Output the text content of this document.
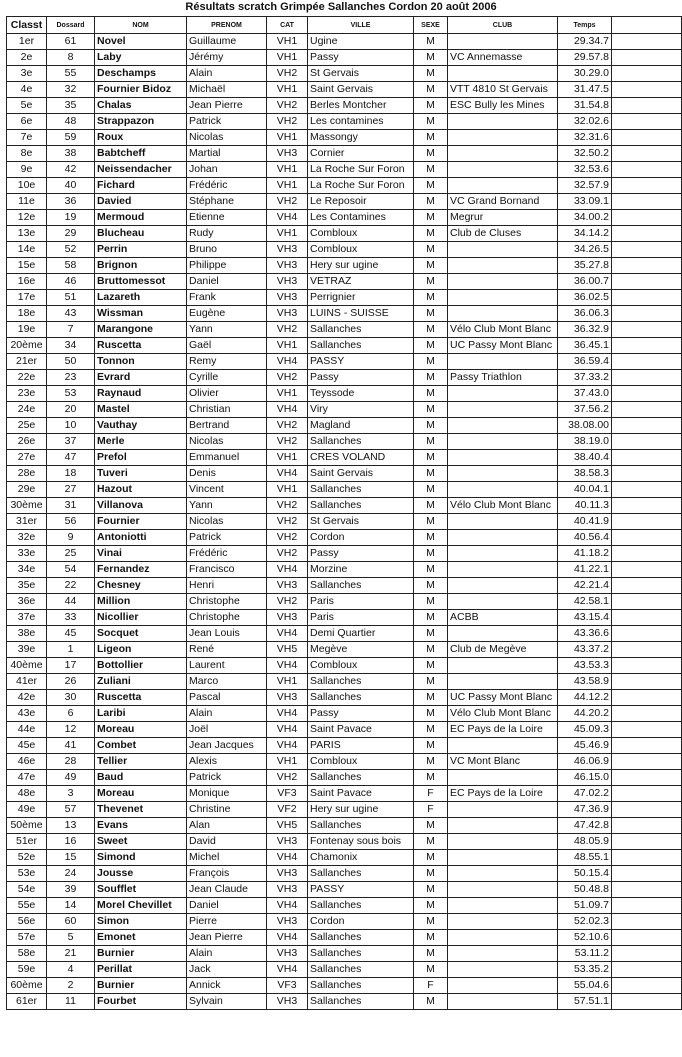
Résultats scratch Grimpée Sallanches Cordon 20 août 2006
Classt	Dossard	NOM	PRENOM	CAT	VILLE	SEXE	CLUB	Temps	
1er	61	Novel	Guillaume	VH1	Ugine	M		29.34.7	
2e	8	Laby	Jérémy	VH1	Passy	M	VC Annemasse	29.57.8	
3e	55	Deschamps	Alain	VH2	St Gervais	M		30.29.0	
4e	32	Fournier Bidoz	Michaël	VH1	Saint Gervais	M	VTT 4810 St Gervais	31.47.5	
5e	35	Chalas	Jean Pierre	VH2	Berles Montcher	M	ESC Bully les Mines	31.54.8	
6e	48	Strappazon	Patrick	VH2	Les contamines	M		32.02.6	
7e	59	Roux	Nicolas	VH1	Massongy	M		32.31.6	
8e	38	Babtcheff	Martial	VH3	Cornier	M		32.50.2	
9e	42	Neissendacher	Johan	VH1	La Roche Sur Foron	M		32.53.6	
10e	40	Fichard	Frédéric	VH1	La Roche Sur Foron	M		32.57.9	
11e	36	Davied	Stéphane	VH2	Le Reposoir	M	VC Grand Bornand	33.09.1	
12e	19	Mermoud	Etienne	VH4	Les Contamines	M	Megrur	34.00.2	
13e	29	Blucheau	Rudy	VH1	Combloux	M	Club de Cluses	34.14.2	
14e	52	Perrin	Bruno	VH3	Combloux	M		34.26.5	
15e	58	Brignon	Philippe	VH3	Hery sur ugine	M		35.27.8	
16e	46	Bruttomessot	Daniel	VH3	VETRAZ	M		36.00.7	
17e	51	Lazareth	Frank	VH3	Perrignier	M		36.02.5	
18e	43	Wissman	Eugène	VH3	LUINS - SUISSE	M		36.06.3	
19e	7	Marangone	Yann	VH2	Sallanches	M	Vélo Club Mont Blanc	36.32.9	
20ème	34	Ruscetta	Gaël	VH1	Sallanches	M	UC Passy Mont Blanc	36.45.1	
21er	50	Tonnon	Remy	VH4	PASSY	M		36.59.4	
22e	23	Evrard	Cyrille	VH2	Passy	M	Passy Triathlon	37.33.2	
23e	53	Raynaud	Olivier	VH1	Teyssode	M		37.43.0	
24e	20	Mastel	Christian	VH4	Viry	M		37.56.2	
25e	10	Vauthay	Bertrand	VH2	Magland	M		38.08.00	
26e	37	Merle	Nicolas	VH2	Sallanches	M		38.19.0	
27e	47	Prefol	Emmanuel	VH1	CRES VOLAND	M		38.40.4	
28e	18	Tuveri	Denis	VH4	Saint Gervais	M		38.58.3	
29e	27	Hazout	Vincent	VH1	Sallanches	M		40.04.1	
30ème	31	Villanova	Yann	VH2	Sallanches	M	Vélo Club Mont Blanc	40.11.3	
31er	56	Fournier	Nicolas	VH2	St Gervais	M		40.41.9	
32e	9	Antoniotti	Patrick	VH2	Cordon	M		40.56.4	
33e	25	Vinai	Frédéric	VH2	Passy	M		41.18.2	
34e	54	Fernandez	Francisco	VH4	Morzine	M		41.22.1	
35e	22	Chesney	Henri	VH3	Sallanches	M		42.21.4	
36e	44	Million	Christophe	VH2	Paris	M		42.58.1	
37e	33	Nicollier	Christophe	VH3	Paris	M	ACBB	43.15.4	
38e	45	Socquet	Jean Louis	VH4	Demi Quartier	M		43.36.6	
39e	1	Ligeon	René	VH5	Megève	M	Club de Megève	43.37.2	
40ème	17	Bottollier	Laurent	VH4	Combloux	M		43.53.3	
41er	26	Zuliani	Marco	VH1	Sallanches	M		43.58.9	
42e	30	Ruscetta	Pascal	VH3	Sallanches	M	UC Passy Mont Blanc	44.12.2	
43e	6	Laribi	Alain	VH4	Passy	M	Vélo Club Mont Blanc	44.20.2	
44e	12	Moreau	Joël	VH4	Saint Pavace	M	EC Pays de la Loire	45.09.3	
45e	41	Combet	Jean Jacques	VH4	PARIS	M		45.46.9	
46e	28	Tellier	Alexis	VH1	Combloux	M	VC Mont Blanc	46.06.9	
47e	49	Baud	Patrick	VH2	Sallanches	M		46.15.0	
48e	3	Moreau	Monique	VF3	Saint Pavace	F	EC Pays de la Loire	47.02.2	
49e	57	Thevenet	Christine	VF2	Hery sur ugine	F		47.36.9	
50ème	13	Evans	Alan	VH5	Sallanches	M		47.42.8	
51er	16	Sweet	David	VH3	Fontenay sous bois	M		48.05.9	
52e	15	Simond	Michel	VH4	Chamonix	M		48.55.1	
53e	24	Jousse	François	VH3	Sallanches	M		50.15.4	
54e	39	Soufflet	Jean Claude	VH3	PASSY	M		50.48.8	
55e	14	Morel Chevillet	Daniel	VH4	Sallanches	M		51.09.7	
56e	60	Simon	Pierre	VH3	Cordon	M		52.02.3	
57e	5	Emonet	Jean Pierre	VH4	Sallanches	M		52.10.6	
58e	21	Burnier	Alain	VH3	Sallanches	M		53.11.2	
59e	4	Perillat	Jack	VH4	Sallanches	M		53.35.2	
60ème	2	Burnier	Annick	VF3	Sallanches	F		55.04.6	
61er	11	Fourbet	Sylvain	VH3	Sallanches	M		57.51.1	
